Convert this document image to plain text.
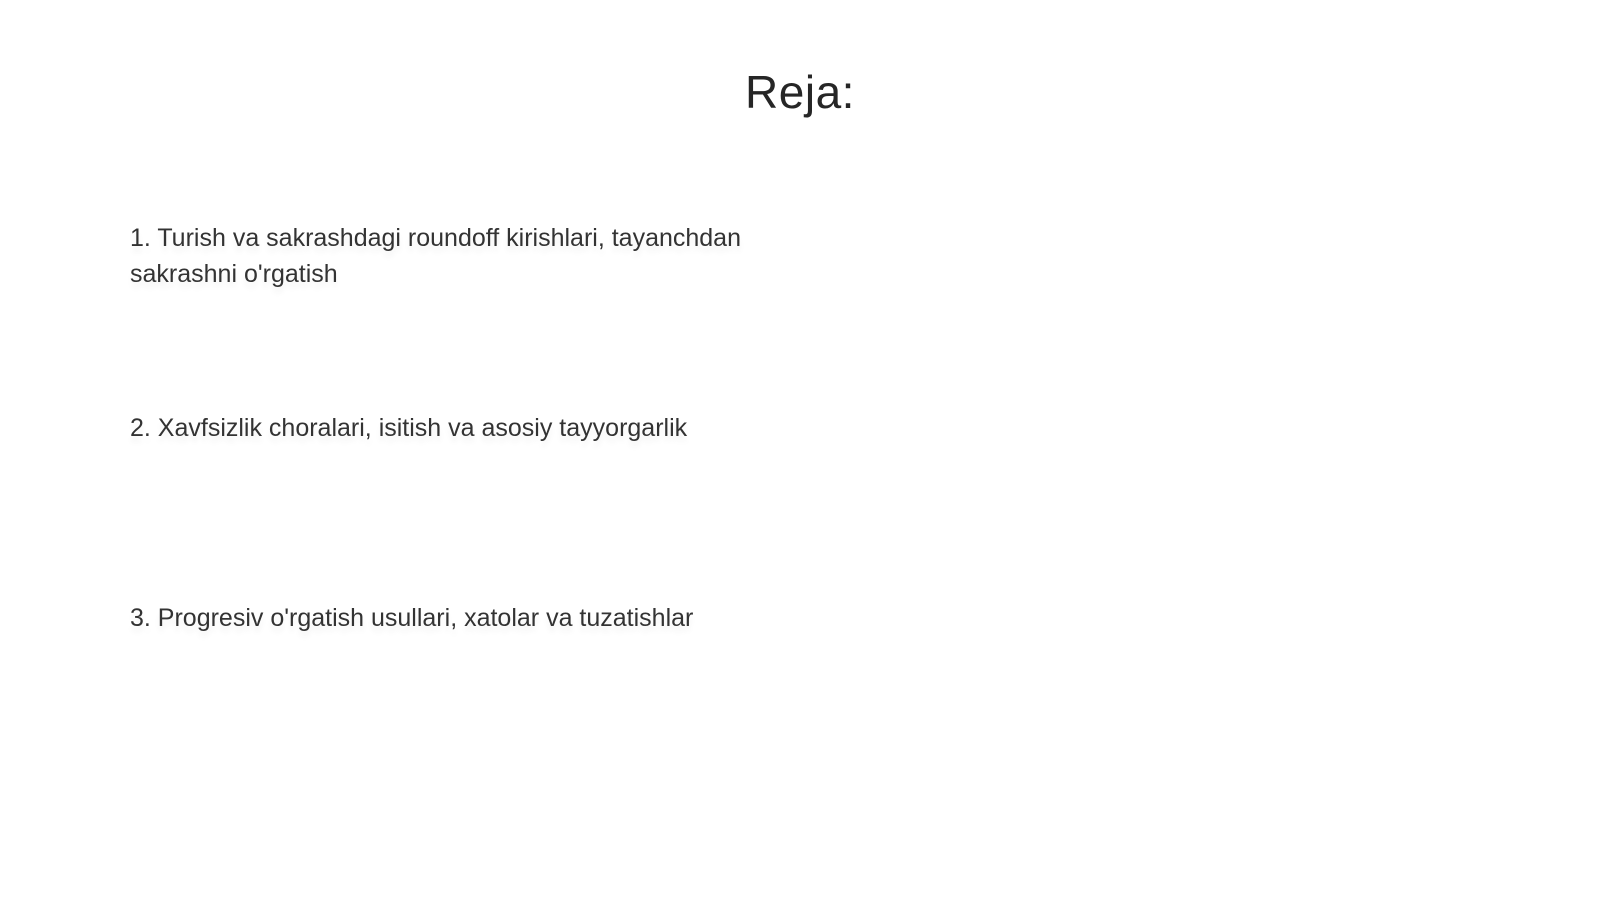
Reja:
1. Turish va sakrashdagi roundoff kirishlari, tayanchdan sakrashni o'rgatish
2. Xavfsizlik choralari, isitish va asosiy tayyorgarlik
3. Progresiv o'rgatish usullari, xatolar va tuzatishlar
